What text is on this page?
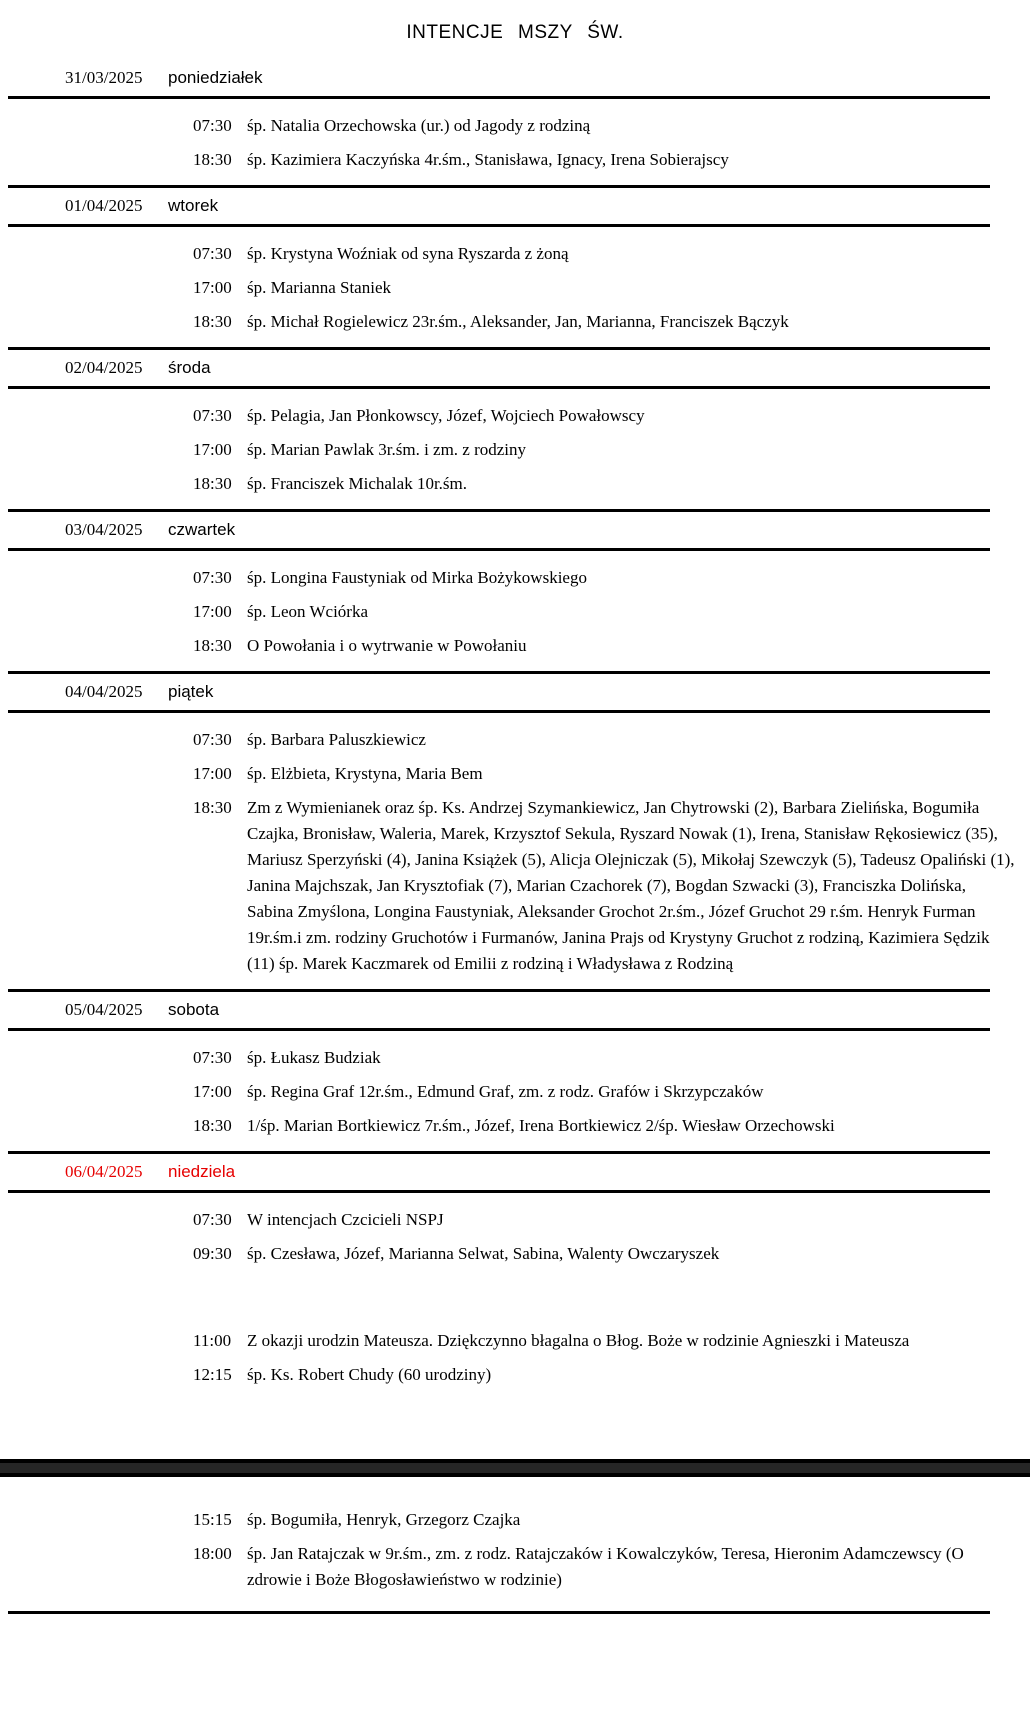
INTENCJE MSZY ŚW.
31/03/2025	poniedziałek
07:30 śp. Natalia Orzechowska (ur.) od Jagody z rodziną
18:30 śp. Kazimiera Kaczyńska 4r.śm., Stanisława, Ignacy, Irena Sobierajscy
01/04/2025	wtorek
07:30 śp. Krystyna Woźniak od syna Ryszarda z żoną
17:00 śp. Marianna Staniek
18:30 śp. Michał Rogielewicz 23r.śm., Aleksander, Jan, Marianna, Franciszek Bączyk
02/04/2025	środa
07:30 śp. Pelagia, Jan Płonkowscy, Józef, Wojciech Powałowscy
17:00 śp. Marian Pawlak 3r.śm. i zm. z rodziny
18:30 śp. Franciszek Michalak 10r.śm.
03/04/2025	czwartek
07:30 śp. Longina Faustyniak od Mirka Bożykowskiego
17:00 śp. Leon Wciórka
18:30 O Powołania i o wytrwanie w Powołaniu
04/04/2025	piątek
07:30 śp. Barbara Paluszkiewicz
17:00 śp. Elżbieta, Krystyna, Maria Bem
18:30 Zm z Wymienianek oraz śp. Ks. Andrzej Szymankiewicz, Jan Chytrowski (2), Barbara Zielińska, Bogumiła Czajka, Bronisław, Waleria, Marek, Krzysztof Sekula, Ryszard Nowak (1), Irena, Stanisław Rękosiewicz (35), Mariusz Sperzyński (4), Janina Książek (5), Alicja Olejniczak (5), Mikołaj Szewczyk (5), Tadeusz Opaliński (1), Janina Majchszak, Jan Krysztofiak (7), Marian Czachorek (7), Bogdan Szwacki (3), Franciszka Dolińska, Sabina Zmyślona, Longina Faustyniak, Aleksander Grochot 2r.śm., Józef Gruchot 29 r.śm. Henryk Furman 19r.śm.i zm. rodziny Gruchotów i Furmanów, Janina Prajs od Krystyny Gruchot z rodziną, Kazimiera Sędzik (11) śp. Marek Kaczmarek od Emilii z rodziną i Władysława z Rodziną
05/04/2025	sobota
07:30 śp. Łukasz Budziak
17:00 śp. Regina Graf 12r.śm., Edmund Graf, zm. z rodz. Grafów i Skrzypczaków
18:30 1/śp. Marian Bortkiewicz 7r.śm., Józef, Irena Bortkiewicz 2/śp. Wiesław Orzechowski
06/04/2025	niedziela
07:30 W intencjach Czcicieli NSPJ
09:30 śp. Czesława, Józef, Marianna Selwat, Sabina, Walenty Owczaryszek
11:00 Z okazji urodzin Mateusza. Dziękczynno błagalna o Błog. Boże w rodzinie Agnieszki i Mateusza
12:15 śp. Ks. Robert Chudy (60 urodziny)
15:15 śp. Bogumiła, Henryk, Grzegorz Czajka
18:00 śp. Jan Ratajczak w 9r.śm., zm. z rodz. Ratajczaków i Kowalczyków, Teresa, Hieronim Adamczewscy (O zdrowie i Boże Błogosławieństwo w rodzinie)
